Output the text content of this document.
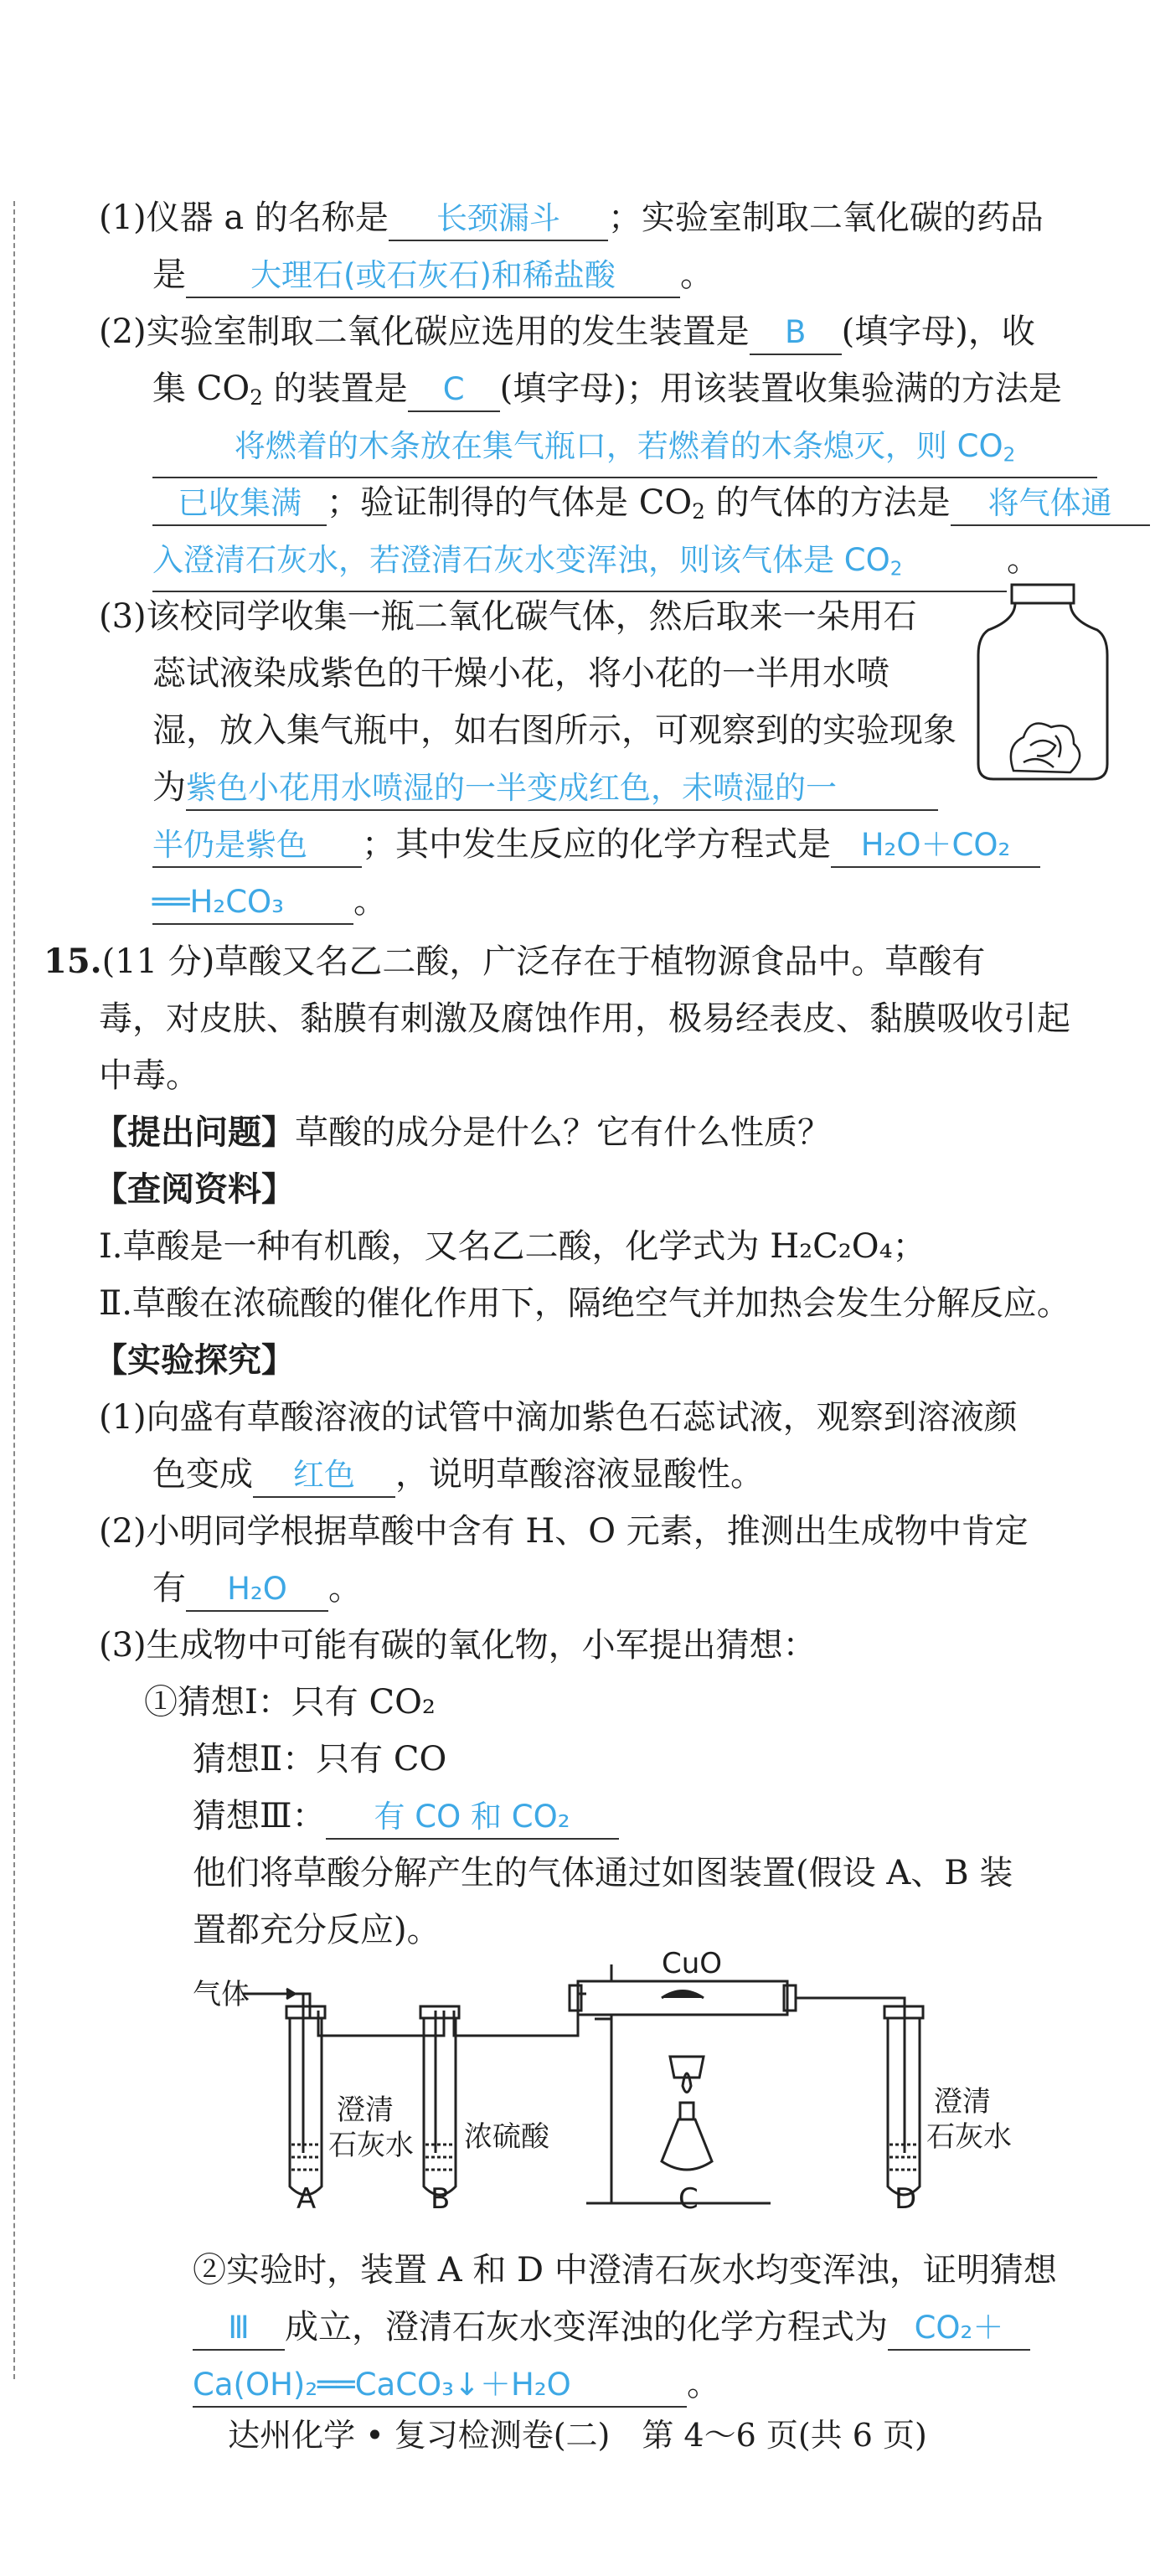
(1)仪器 a 的名称是 长颈漏斗 ；实验室制取二氧化碳的药品
是 大理石(或石灰石)和稀盐酸 。
(2)实验室制取二氧化碳应选用的发生装置是 B (填字母)，收
集 $CO_2$ 的装置是 C (填字母)；用该装置收集验满的方法是
将燃着的木条放在集气瓶口，若燃着的木条熄灭，则 $CO_2$
已收集满 ；验证制得的气体是 $CO_2$ 的气体的方法是 将气体通
入澄清石灰水，若澄清石灰水变浑浊，则该气体是 $CO_2$	。
(3)该校同学收集一瓶二氧化碳气体，然后取来一朵用石
蕊试液染成紫色的干燥小花，将小花的一半用水喷
湿，放入集气瓶中，如右图所示，可观察到的实验现象
为紫色小花用水喷湿的一半变成红色，未喷湿的一
半仍是紫色 ；其中发生反应的化学方程式是 H₂O＋CO₂
══H₂CO₃ 。
15.(11 分)草酸又名乙二酸，广泛存在于植物源食品中。草酸有
毒，对皮肤、黏膜有刺激及腐蚀作用，极易经表皮、黏膜吸收引起
中毒。
【提出问题】草酸的成分是什么？它有什么性质？
【查阅资料】
Ⅰ.草酸是一种有机酸，又名乙二酸，化学式为 H₂C₂O₄；
Ⅱ.草酸在浓硫酸的催化作用下，隔绝空气并加热会发生分解反应。
【实验探究】
(1)向盛有草酸溶液的试管中滴加紫色石蕊试液，观察到溶液颜
色变成 红色 ，说明草酸溶液显酸性。
(2)小明同学根据草酸中含有 H、O 元素，推测出生成物中肯定
有 H₂O 。
(3)生成物中可能有碳的氧化物，小军提出猜想：
①猜想Ⅰ：只有 CO₂
猜想Ⅱ：只有 CO
猜想Ⅲ： 有 CO 和 CO₂
他们将草酸分解产生的气体通过如图装置(假设 A、B 装
置都充分反应)。
气体
CuO
澄清
石灰水 浓硫酸
澄清
石灰水
A	B	C	D
②实验时，装置 A 和 D 中澄清石灰水均变浑浊，证明猜想
Ⅲ 成立，澄清石灰水变浑浊的化学方程式为 CO₂＋
Ca(OH)₂══CaCO₃↓＋H₂O	。
达州化学 • 复习检测卷(二)　第 4～6 页(共 6 页)
